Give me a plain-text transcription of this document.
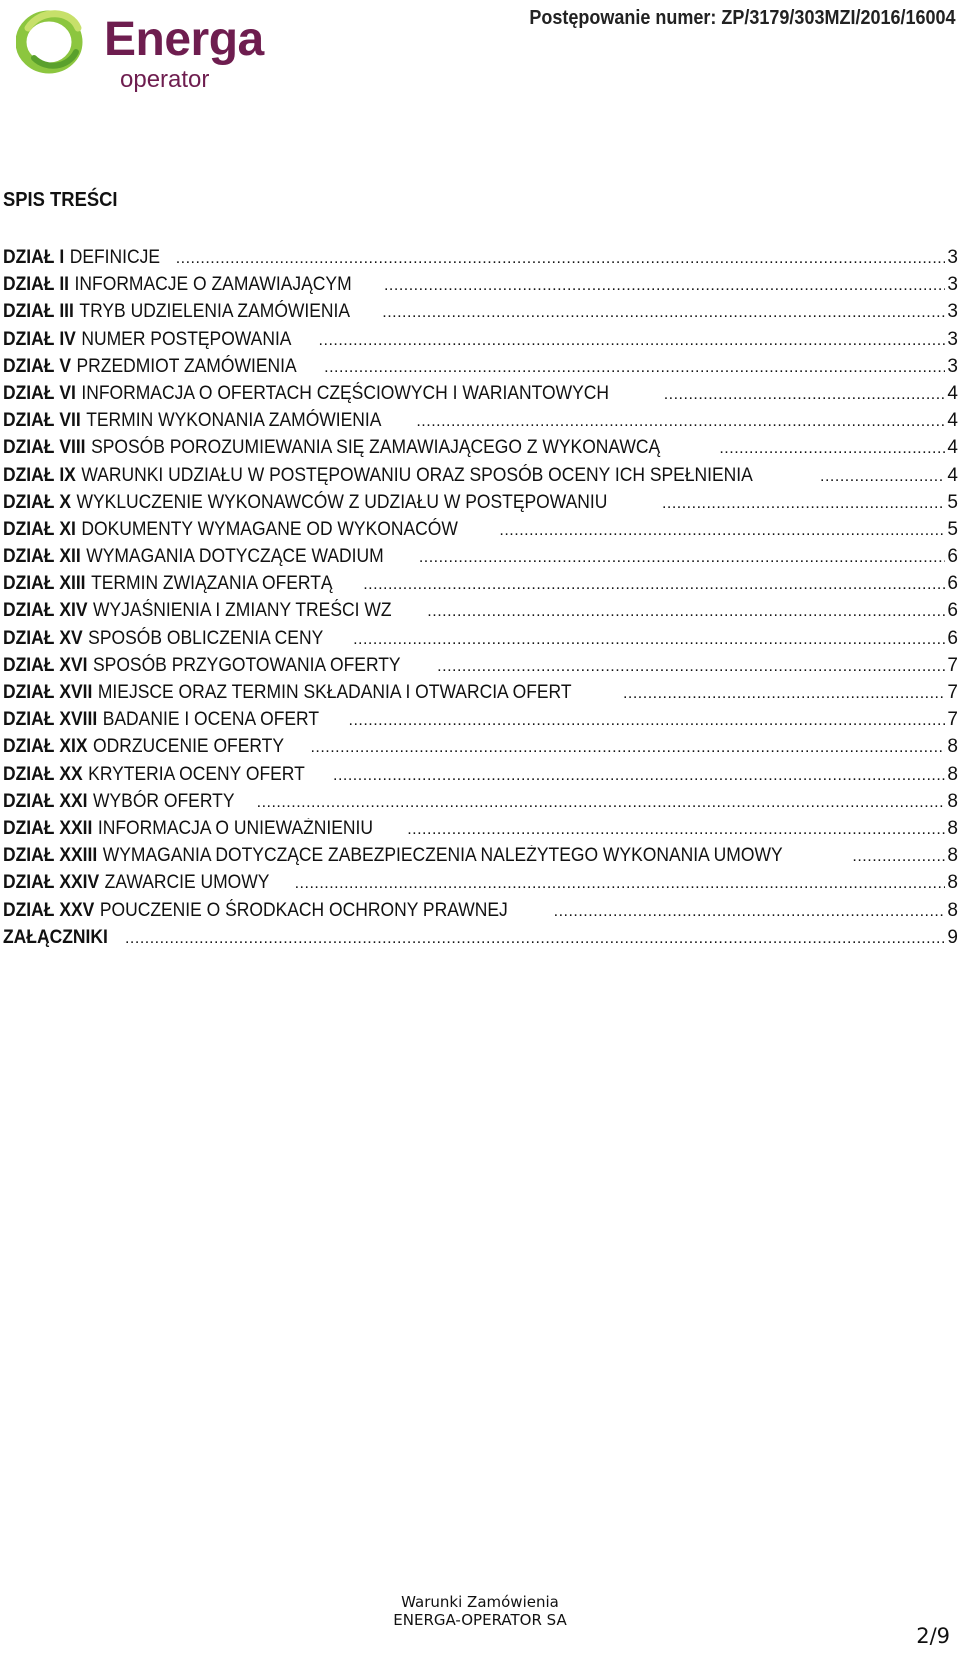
Energa
operator
Postępowanie numer: ZP/3179/303MZI/2016/16004
SPIS TREŚCI
DZIAŁ I DEFINICJE .....	3
DZIAŁ II INFORMACJE O ZAMAWIAJĄCYM .....	3
DZIAŁ III TRYB UDZIELENIA ZAMÓWIENIA .....	3
DZIAŁ IV NUMER POSTĘPOWANIA .....	3
DZIAŁ V PRZEDMIOT ZAMÓWIENIA .....	3
DZIAŁ VI INFORMACJA O OFERTACH CZĘŚCIOWYCH I WARIANTOWYCH .....	4
DZIAŁ VII TERMIN WYKONANIA ZAMÓWIENIA .....	4
DZIAŁ VIII SPOSÓB POROZUMIEWANIA SIĘ ZAMAWIAJĄCEGO Z WYKONAWCĄ .....	4
DZIAŁ IX WARUNKI UDZIAŁU W POSTĘPOWANIU ORAZ SPOSÓB OCENY ICH SPEŁNIENIA .....	4
DZIAŁ X WYKLUCZENIE WYKONAWCÓW Z UDZIAŁU W POSTĘPOWANIU .....	5
DZIAŁ XI DOKUMENTY WYMAGANE OD WYKONACÓW .....	5
DZIAŁ XII WYMAGANIA DOTYCZĄCE WADIUM .....	6
DZIAŁ XIII TERMIN ZWIĄZANIA OFERTĄ .....	6
DZIAŁ XIV WYJAŚNIENIA I ZMIANY TREŚCI WZ .....	6
DZIAŁ XV SPOSÓB OBLICZENIA CENY .....	6
DZIAŁ XVI SPOSÓB PRZYGOTOWANIA OFERTY .....	7
DZIAŁ XVII MIEJSCE ORAZ TERMIN SKŁADANIA I OTWARCIA OFERT .....	7
DZIAŁ XVIII BADANIE I OCENA OFERT .....	7
DZIAŁ XIX ODRZUCENIE OFERTY .....	8
DZIAŁ XX KRYTERIA OCENY OFERT .....	8
DZIAŁ XXI WYBÓR OFERTY .....	8
DZIAŁ XXII INFORMACJA O UNIEWAŻNIENIU .....	8
DZIAŁ XXIII WYMAGANIA DOTYCZĄCE ZABEZPIECZENIA NALEŻYTEGO WYKONANIA UMOWY .....	8
DZIAŁ XXIV ZAWARCIE UMOWY .....	8
DZIAŁ XXV POUCZENIE O ŚRODKACH OCHRONY PRAWNEJ .....	8
ZAŁĄCZNIKI .....	9
Warunki Zamówienia
ENERGA-OPERATOR SA
2/9
